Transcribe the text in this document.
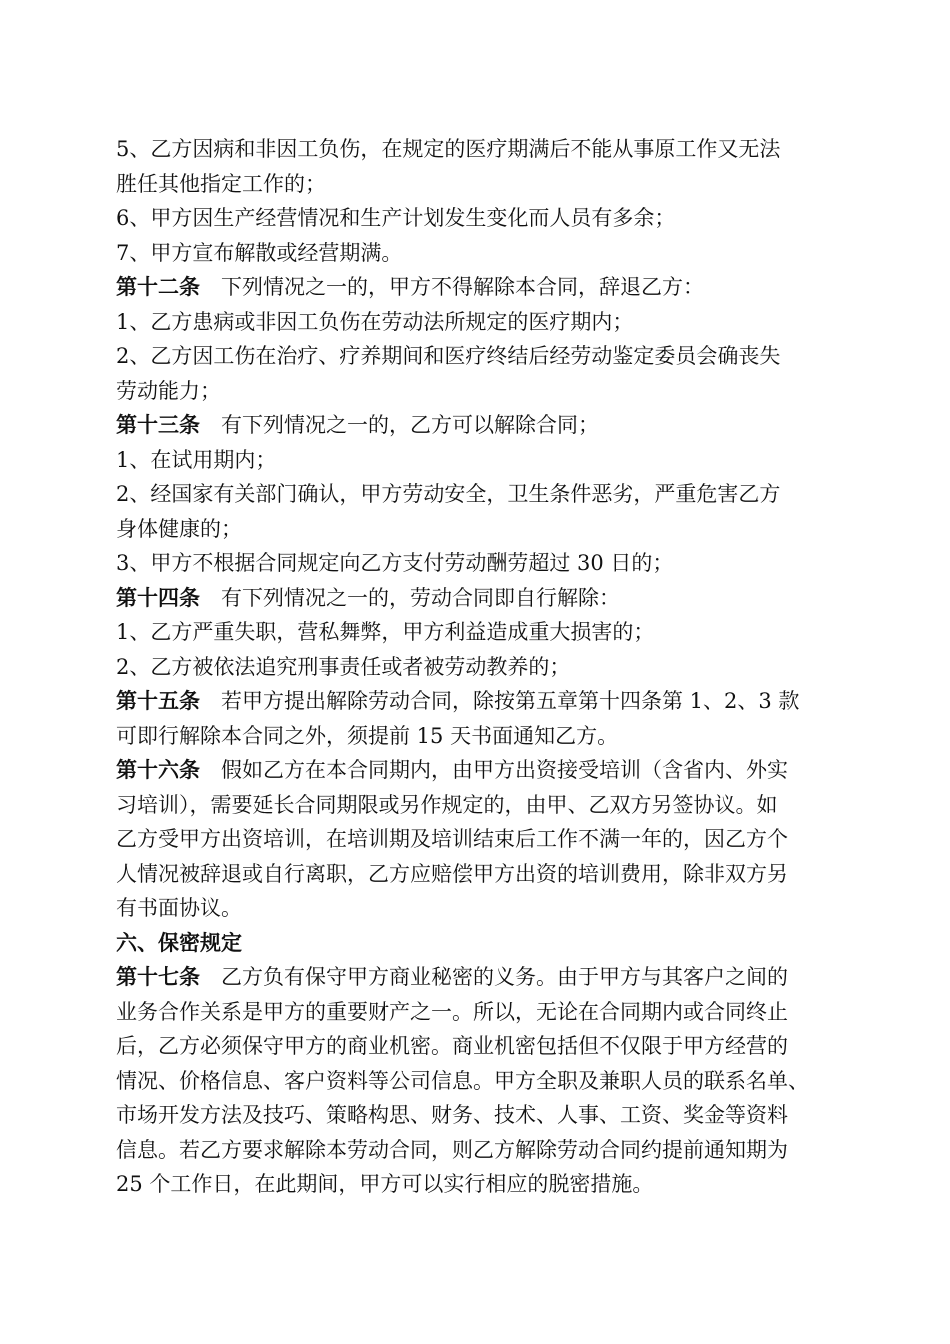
5、乙方因病和非因工负伤，在规定的医疗期满后不能从事原工作又无法
胜任其他指定工作的；
6、甲方因生产经营情况和生产计划发生变化而人员有多余；
7、甲方宣布解散或经营期满。
第十二条 下列情况之一的，甲方不得解除本合同，辞退乙方：
1、乙方患病或非因工负伤在劳动法所规定的医疗期内；
2、乙方因工伤在治疗、疗养期间和医疗终结后经劳动鉴定委员会确丧失
劳动能力；
第十三条 有下列情况之一的，乙方可以解除合同；
1、在试用期内；
2、经国家有关部门确认，甲方劳动安全，卫生条件恶劣，严重危害乙方
身体健康的；
3、甲方不根据合同规定向乙方支付劳动酬劳超过 30 日的；
第十四条 有下列情况之一的，劳动合同即自行解除：
1、乙方严重失职，营私舞弊，甲方利益造成重大损害的；
2、乙方被依法追究刑事责任或者被劳动教养的；
第十五条 若甲方提出解除劳动合同，除按第五章第十四条第 1、2、3 款
可即行解除本合同之外，须提前 15 天书面通知乙方。
第十六条 假如乙方在本合同期内，由甲方出资接受培训（含省内、外实
习培训），需要延长合同期限或另作规定的，由甲、乙双方另签协议。如
乙方受甲方出资培训，在培训期及培训结束后工作不满一年的，因乙方个
人情况被辞退或自行离职，乙方应赔偿甲方出资的培训费用，除非双方另
有书面协议。
六、保密规定
第十七条 乙方负有保守甲方商业秘密的义务。由于甲方与其客户之间的
业务合作关系是甲方的重要财产之一。所以，无论在合同期内或合同终止
后，乙方必须保守甲方的商业机密。商业机密包括但不仅限于甲方经营的
情况、价格信息、客户资料等公司信息。甲方全职及兼职人员的联系名单、
市场开发方法及技巧、策略构思、财务、技术、人事、工资、奖金等资料
信息。若乙方要求解除本劳动合同，则乙方解除劳动合同约提前通知期为
25 个工作日，在此期间，甲方可以实行相应的脱密措施。
